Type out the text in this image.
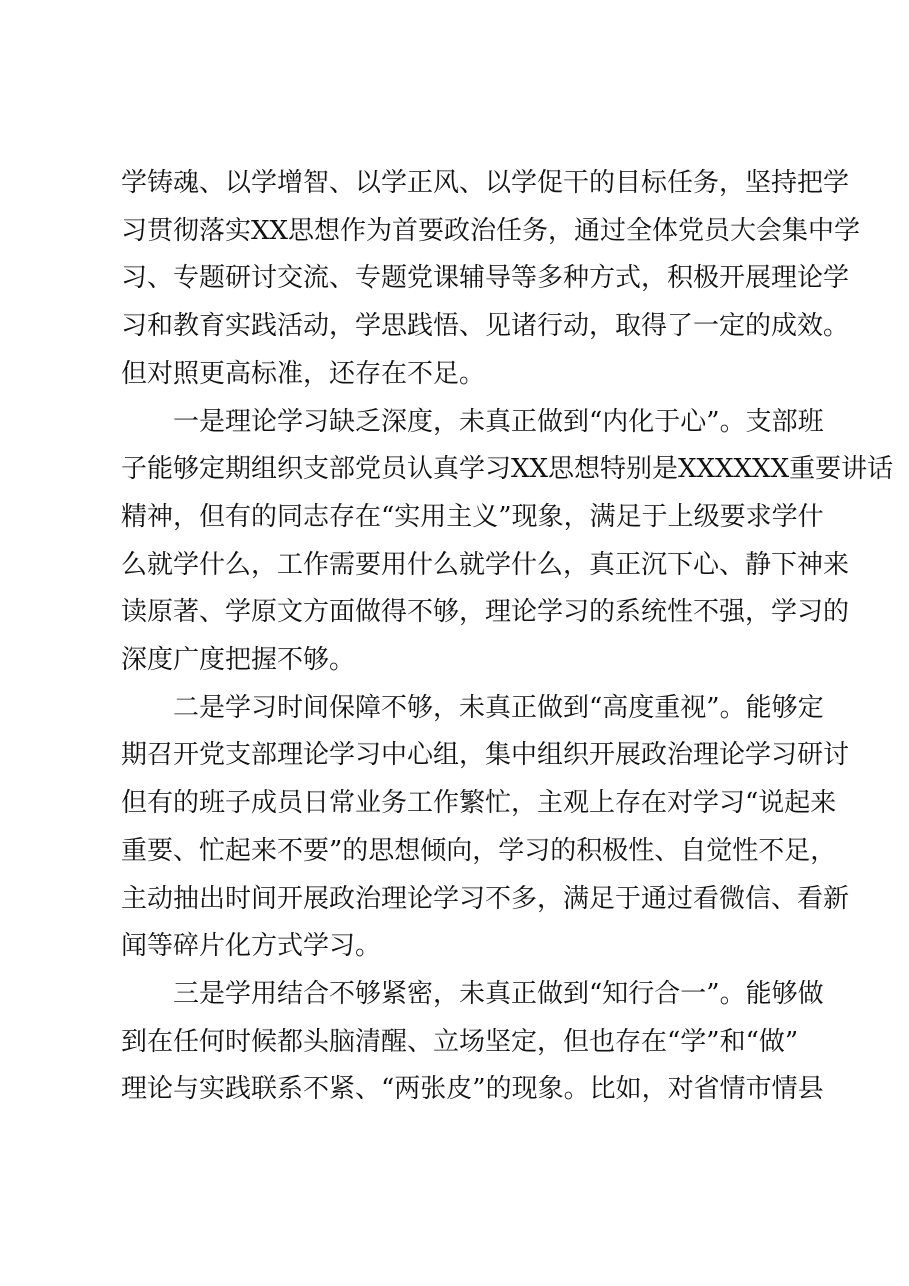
学铸魂、以学增智、以学正风、以学促干的目标任务，坚持把学
习贯彻落实XX思想作为首要政治任务，通过全体党员大会集中学
习、专题研讨交流、专题党课辅导等多种方式，积极开展理论学
习和教育实践活动，学思践悟、见诸行动，取得了一定的成效。
但对照更高标准，还存在不足。
一是理论学习缺乏深度，未真正做到“内化于心”。支部班
子能够定期组织支部党员认真学习XX思想特别是XXXXXX重要讲话
精神，但有的同志存在“实用主义”现象，满足于上级要求学什
么就学什么，工作需要用什么就学什么，真正沉下心、静下神来
读原著、学原文方面做得不够，理论学习的系统性不强，学习的
深度广度把握不够。
二是学习时间保障不够，未真正做到“高度重视”。能够定
期召开党支部理论学习中心组，集中组织开展政治理论学习研讨
但有的班子成员日常业务工作繁忙，主观上存在对学习“说起来
重要、忙起来不要”的思想倾向，学习的积极性、自觉性不足，
主动抽出时间开展政治理论学习不多，满足于通过看微信、看新
闻等碎片化方式学习。
三是学用结合不够紧密，未真正做到“知行合一”。能够做
到在任何时候都头脑清醒、立场坚定，但也存在“学”和“做”
理论与实践联系不紧、“两张皮”的现象。比如，对省情市情县
